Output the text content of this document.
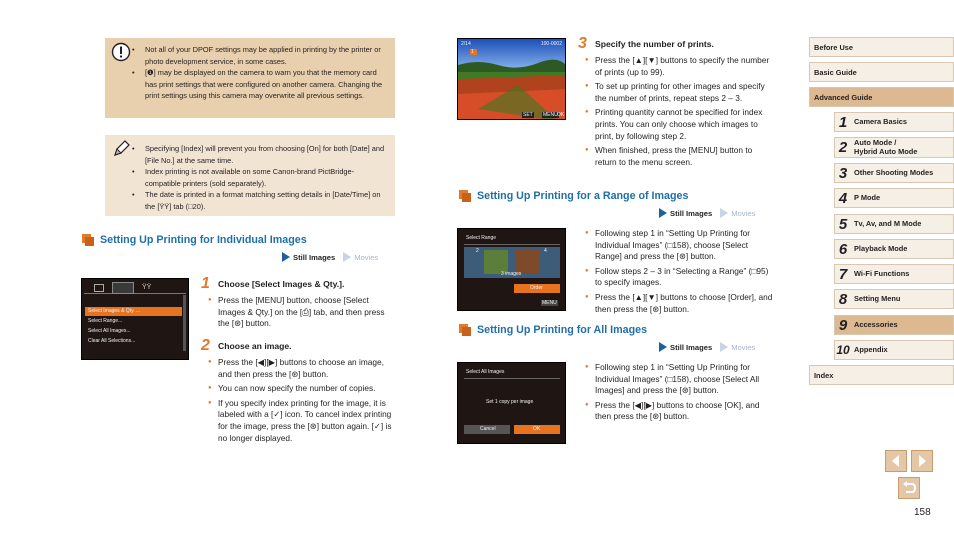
• Not all of your DPOF settings may be applied in printing by the printer or photo development service, in some cases.
• [❶] may be displayed on the camera to warn you that the memory card has print settings that were configured on another camera. Changing the print settings using this camera may overwrite all previous settings.
• Specifying [Index] will prevent you from choosing [On] for both [Date] and [File No.] at the same time.
• Index printing is not available on some Canon-brand PictBridge-compatible printers (sold separately).
• The date is printed in a format matching setting details in [Date/Time] on the [ŸŸ] tab (□20).
Setting Up Printing for Individual Images
Still Images	Movies
ŸŸ
Select Images & Qty. ...
Select Range...
Select All Images...
Clear All Selections...
1 Choose [Select Images & Qty.].
● Press the [MENU] button, choose [Select Images & Qty.] on the [⎙] tab, and then press the [⊛] button.
2 Choose an image.
● Press the [◀][▶] buttons to choose an image, and then press the [⊛] button.
● You can now specify the number of copies.
● If you specify index printing for the image, it is labeled with a [✓] icon. To cancel index printing for the image, press the [⊛] button again. [✓] is no longer displayed.
2/14	100-0002
1
SET MENU OK
3 Specify the number of prints.
● Press the [▲][▼] buttons to specify the number of prints (up to 99).
● To set up printing for other images and specify the number of prints, repeat steps 2 – 3.
● Printing quantity cannot be specified for index prints. You can only choose which images to print, by following step 2.
● When finished, press the [MENU] button to return to the menu screen.
Setting Up Printing for a Range of Images
Still Images	Movies
Select Range
2	4
3 images
Order
MENU
● Following step 1 in “Setting Up Printing for Individual Images” (□158), choose [Select Range] and press the [⊛] button.
● Follow steps 2 – 3 in “Selecting a Range” (□95) to specify images.
● Press the [▲][▼] buttons to choose [Order], and then press the [⊛] button.
Setting Up Printing for All Images
Still Images	Movies
Select All Images
Set 1 copy per image
Cancel	OK
● Following step 1 in “Setting Up Printing for Individual Images” (□158), choose [Select All Images] and press the [⊛] button.
● Press the [◀][▶] buttons to choose [OK], and then press the [⊛] button.
Before Use
Basic Guide
Advanced Guide
1 Camera Basics
2 Auto Mode /
Hybrid Auto Mode
3 Other Shooting Modes
4 P Mode
5 Tv, Av, and M Mode
6 Playback Mode
7 Wi-Fi Functions
8 Setting Menu
9 Accessories
10 Appendix
Index
158
